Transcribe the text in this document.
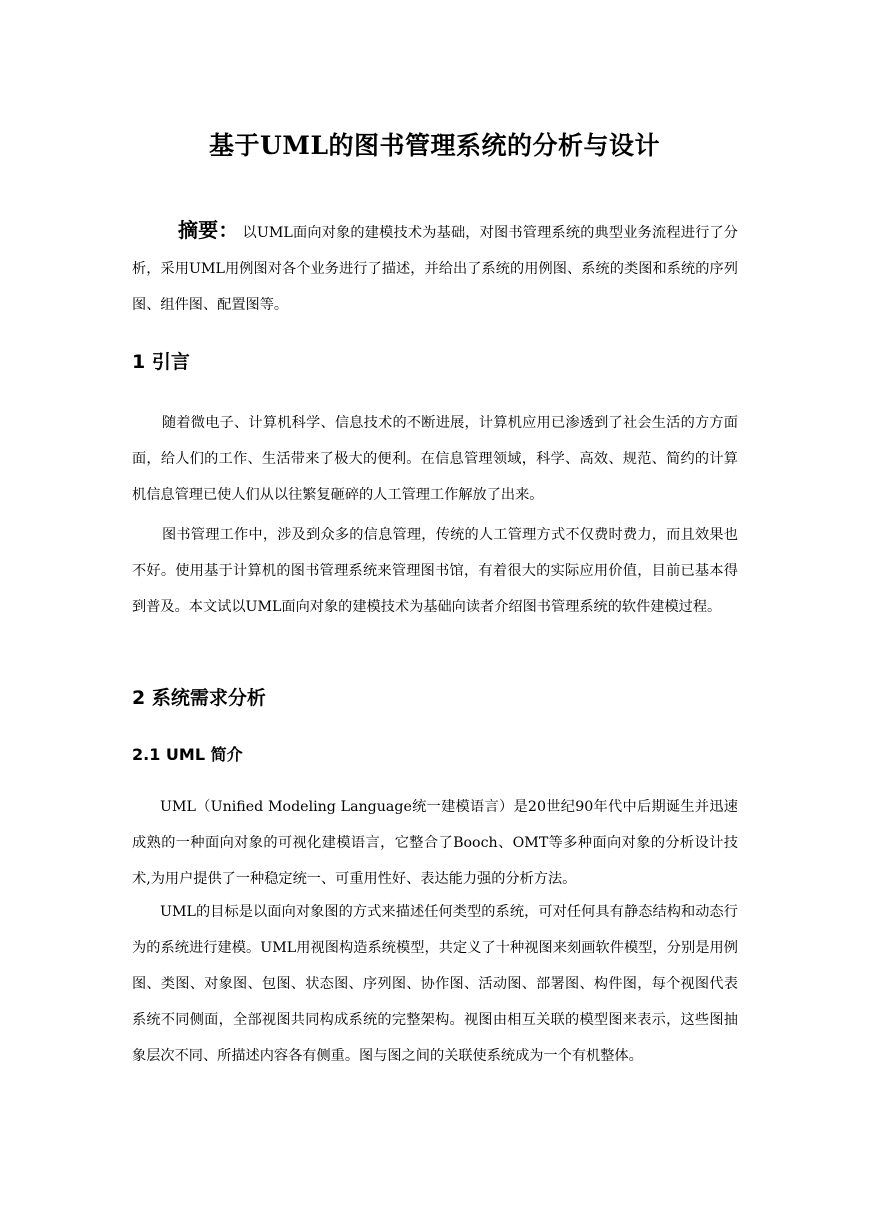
基于UML的图书管理系统的分析与设计
摘要： 以UML面向对象的建模技术为基础，对图书管理系统的典型业务流程进行了分析，采用UML用例图对各个业务进行了描述，并给出了系统的用例图、系统的类图和系统的序列图、组件图、配置图等。
1 引言

随着微电子、计算机科学、信息技术的不断进展，计算机应用已渗透到了社会生活的方方面面，给人们的工作、生活带来了极大的便利。在信息管理领域，科学、高效、规范、简约的计算机信息管理已使人们从以往繁复砸碎的人工管理工作解放了出来。

图书管理工作中，涉及到众多的信息管理，传统的人工管理方式不仅费时费力，而且效果也不好。使用基于计算机的图书管理系统来管理图书馆，有着很大的实际应用价值，目前已基本得到普及。本文试以UML面向对象的建模技术为基础向读者介绍图书管理系统的软件建模过程。

2 系统需求分析
2.1 UML 简介

UML（Unified Modeling Language统一建模语言）是20世纪90年代中后期诞生并迅速成熟的一种面向对象的可视化建模语言，它整合了Booch、OMT等多种面向对象的分析设计技术,为用户提供了一种稳定统一、可重用性好、表达能力强的分析方法。

UML的目标是以面向对象图的方式来描述任何类型的系统，可对任何具有静态结构和动态行为的系统进行建模。UML用视图构造系统模型，共定义了十种视图来刻画软件模型，分别是用例图、类图、对象图、包图、状态图、序列图、协作图、活动图、部署图、构件图，每个视图代表系统不同侧面，全部视图共同构成系统的完整架构。视图由相互关联的模型图来表示，这些图抽象层次不同、所描述内容各有侧重。图与图之间的关联使系统成为一个有机整体。
